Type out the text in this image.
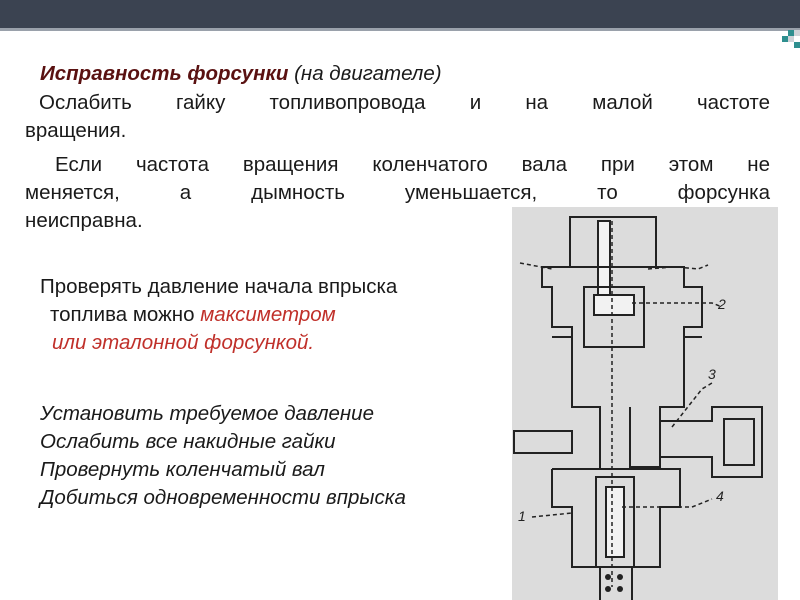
Исправность форсунки (на двигателе)
Ослабить гайку топливопровода и на малой частоте
вращения.
Если частота вращения коленчатого вала при этом не
меняется, а дымность уменьшается, то форсунка
неисправна.
2
3
4
1
Проверять давление начала впрыска
топлива можно максиметром
или эталонной форсункой.
Установить требуемое давление
Ослабить все накидные гайки
Провернуть коленчатый вал
Добиться одновременности впрыска
